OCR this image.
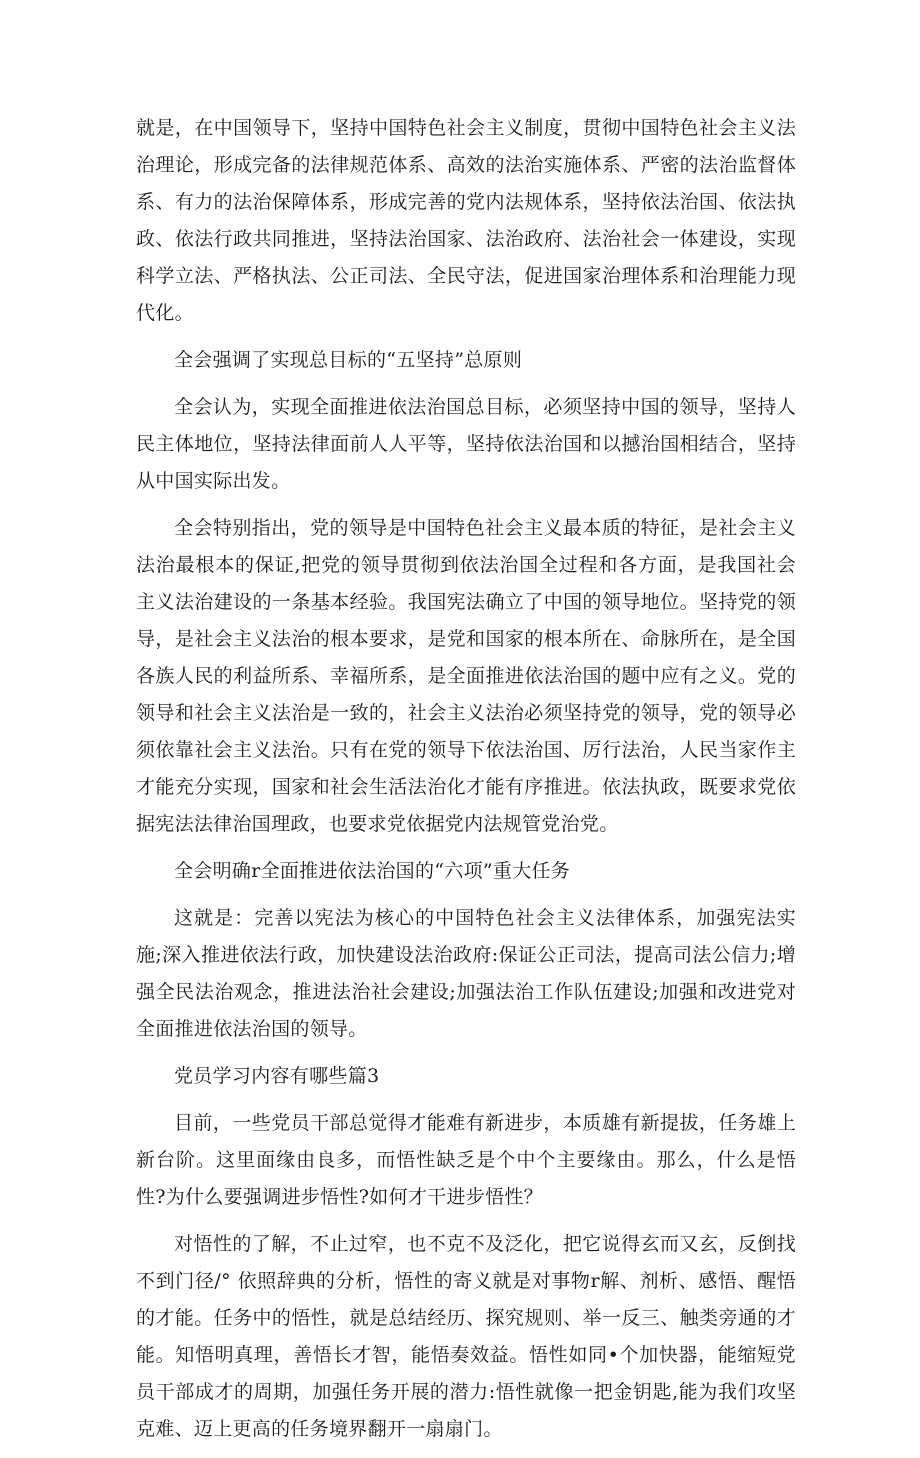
就是，在中国领导下，坚持中国特色社会主义制度，贯彻中国特色社会主义法治理论，形成完备的法律规范体系、高效的法治实施体系、严密的法治监督体系、有力的法治保障体系，形成完善的党内法规体系，坚持依法治国、依法执政、依法行政共同推进，坚持法治国家、法治政府、法治社会一体建设，实现科学立法、严格执法、公正司法、全民守法，促进国家治理体系和治理能力现代化。

全会强调了实现总目标的“五坚持”总原则

全会认为，实现全面推进依法治国总目标，必须坚持中国的领导，坚持人民主体地位，坚持法律面前人人平等，坚持依法治国和以撼治国相结合，坚持从中国实际出发。

全会特别指出，党的领导是中国特色社会主义最本质的特征，是社会主义法治最根本的保证,把党的领导贯彻到依法治国全过程和各方面，是我国社会主义法治建设的一条基本经验。我国宪法确立了中国的领导地位。坚持党的领导，是社会主义法治的根本要求，是党和国家的根本所在、命脉所在，是全国各族人民的利益所系、幸福所系，是全面推进依法治国的题中应有之义。党的领导和社会主义法治是一致的，社会主义法治必须坚持党的领导，党的领导必须依靠社会主义法治。只有在党的领导下依法治国、厉行法治，人民当家作主才能充分实现，国家和社会生活法治化才能有序推进。依法执政，既要求党依据宪法法律治国理政，也要求党依据党内法规管党治党。

全会明确r全面推进依法治国的“六项”重大任务

这就是：完善以宪法为核心的中国特色社会主义法律体系，加强宪法实施;深入推进依法行政，加快建设法治政府:保证公正司法，提高司法公信力;增强全民法治观念，推进法治社会建设;加强法治工作队伍建设;加强和改进党对全面推进依法治国的领导。

党员学习内容有哪些篇3

目前，一些党员干部总觉得才能难有新进步，本质雄有新提拔，任务雄上新台阶。这里面缘由良多，而悟性缺乏是个中个主要缘由。那么，什么是悟性?为什么要强调进步悟性?如何才干进步悟性？

对悟性的了解，不止过窄，也不克不及泛化，把它说得玄而又玄，反倒找不到门径/° 依照辞典的分析，悟性的寄义就是对事物r解、剂析、感悟、醒悟的才能。任务中的悟性，就是总结经历、探究规则、举一反三、触类旁通的才能。知悟明真理，善悟长才智，能悟奏效益。悟性如同•个加快器，能缩短党员干部成才的周期，加强任务开展的潜力:悟性就像一把金钥匙,能为我们攻坚克难、迈上更高的任务境界翻开一扇扇门。
